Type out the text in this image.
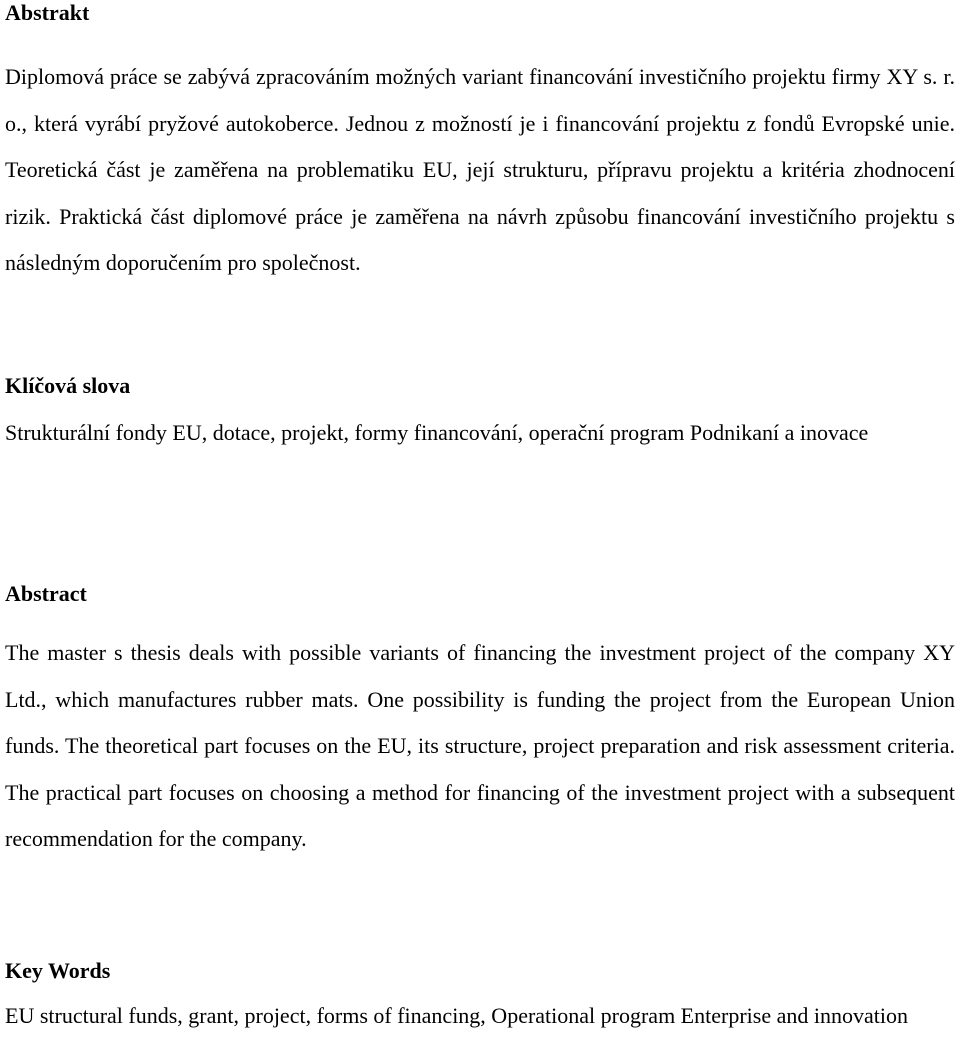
Abstrakt

Diplomová práce se zabývá zpracováním možných variant financování investičního projektu firmy XY s. r. o., která vyrábí pryžové autokoberce. Jednou z možností je i financování projektu z fondů Evropské unie. Teoretická část je zaměřena na problematiku EU, její strukturu, přípravu projektu a kritéria zhodnocení rizik. Praktická část diplomové práce je zaměřena na návrh způsobu financování investičního projektu s následným doporučením pro společnost.

Klíčová slova

Strukturální fondy EU, dotace, projekt, formy financování, operační program Podnikaní a inovace

Abstract

The master s thesis deals with possible variants of financing the investment project of the company XY Ltd., which manufactures rubber mats. One possibility is funding the project from the European Union funds. The theoretical part focuses on the EU, its structure, project preparation and risk assessment criteria. The practical part focuses on choosing a method for financing of the investment project with a subsequent recommendation for the company.

Key Words

EU structural funds, grant, project, forms of financing, Operational program Enterprise and innovation
